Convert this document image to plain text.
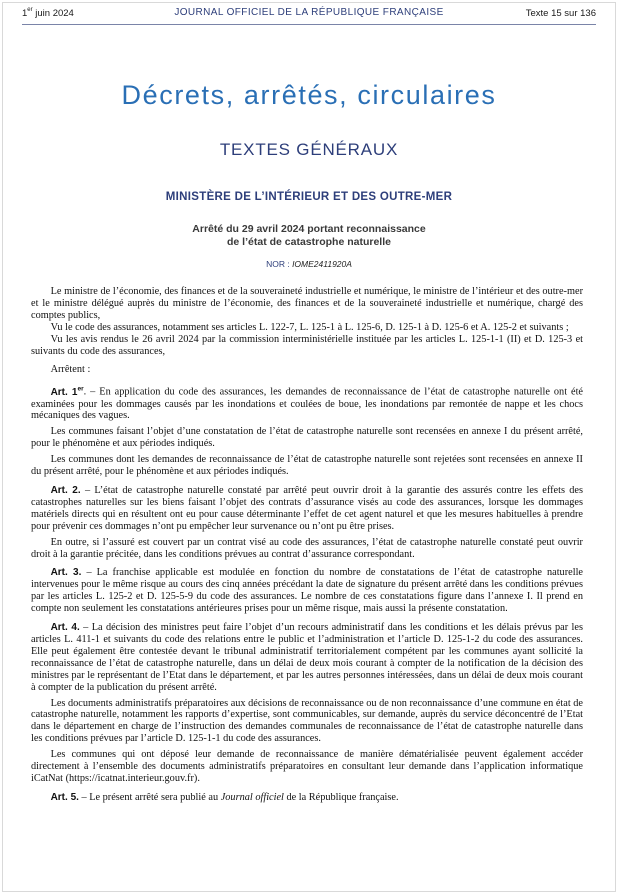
1er juin 2024	JOURNAL OFFICIEL DE LA RÉPUBLIQUE FRANÇAISE	Texte 15 sur 136
Décrets, arrêtés, circulaires
TEXTES GÉNÉRAUX
MINISTÈRE DE L’INTÉRIEUR ET DES OUTRE-MER
Arrêté du 29 avril 2024 portant reconnaissance
de l’état de catastrophe naturelle
NOR : IOME2411920A

Le ministre de l’économie, des finances et de la souveraineté industrielle et numérique, le ministre de l’intérieur et des outre-mer et le ministre délégué auprès du ministre de l’économie, des finances et de la souveraineté industrielle et numérique, chargé des comptes publics,

Vu le code des assurances, notamment ses articles L. 122-7, L. 125-1 à L. 125-6, D. 125-1 à D. 125-6 et A. 125-2 et suivants ;

Vu les avis rendus le 26 avril 2024 par la commission interministérielle instituée par les articles L. 125-1-1 (II) et D. 125-3 et suivants du code des assurances,

Arrêtent :

Art. 1er. – En application du code des assurances, les demandes de reconnaissance de l’état de catastrophe naturelle ont été examinées pour les dommages causés par les inondations et coulées de boue, les inondations par remontée de nappe et les chocs mécaniques des vagues.

Les communes faisant l’objet d’une constatation de l’état de catastrophe naturelle sont recensées en annexe I du présent arrêté, pour le phénomène et aux périodes indiqués.

Les communes dont les demandes de reconnaissance de l’état de catastrophe naturelle sont rejetées sont recensées en annexe II du présent arrêté, pour le phénomène et aux périodes indiqués.

Art. 2. – L’état de catastrophe naturelle constaté par arrêté peut ouvrir droit à la garantie des assurés contre les effets des catastrophes naturelles sur les biens faisant l’objet des contrats d’assurance visés au code des assurances, lorsque les dommages matériels directs qui en résultent ont eu pour cause déterminante l’effet de cet agent naturel et que les mesures habituelles à prendre pour prévenir ces dommages n’ont pu empêcher leur survenance ou n’ont pu être prises.

En outre, si l’assuré est couvert par un contrat visé au code des assurances, l’état de catastrophe naturelle constaté peut ouvrir droit à la garantie précitée, dans les conditions prévues au contrat d’assurance correspondant.

Art. 3. – La franchise applicable est modulée en fonction du nombre de constatations de l’état de catastrophe naturelle intervenues pour le même risque au cours des cinq années précédant la date de signature du présent arrêté dans les conditions prévues par les articles L. 125-2 et D. 125-5-9 du code des assurances. Le nombre de ces constatations figure dans l’annexe I. Il prend en compte non seulement les constatations antérieures prises pour un même risque, mais aussi la présente constatation.

Art. 4. – La décision des ministres peut faire l’objet d’un recours administratif dans les conditions et les délais prévus par les articles L. 411-1 et suivants du code des relations entre le public et l’administration et l’article D. 125-1-2 du code des assurances. Elle peut également être contestée devant le tribunal administratif territorialement compétent par les communes ayant sollicité la reconnaissance de l’état de catastrophe naturelle, dans un délai de deux mois courant à compter de la notification de la décision des ministres par le représentant de l’Etat dans le département, et par les autres personnes intéressées, dans un délai de deux mois courant à compter de la publication du présent arrêté.

Les documents administratifs préparatoires aux décisions de reconnaissance ou de non reconnaissance d’une commune en état de catastrophe naturelle, notamment les rapports d’expertise, sont communicables, sur demande, auprès du service déconcentré de l’Etat dans le département en charge de l’instruction des demandes communales de reconnaissance de l’état de catastrophe naturelle dans les conditions prévues par l’article D. 125-1-1 du code des assurances.

Les communes qui ont déposé leur demande de reconnaissance de manière dématérialisée peuvent également accéder directement à l’ensemble des documents administratifs préparatoires en consultant leur demande dans l’application informatique iCatNat (https://icatnat.interieur.gouv.fr).

Art. 5. – Le présent arrêté sera publié au Journal officiel de la République française.
